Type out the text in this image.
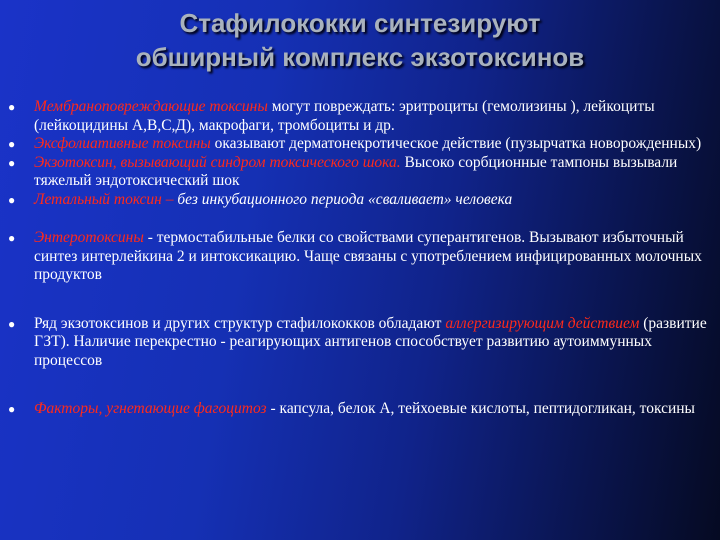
Стафилококки синтезируют
обширный комплекс экзотоксинов
● Мембраноповреждающие токсины могут повреждать: эритроциты (гемолизины ), лейкоциты (лейкоцидины А,В,С,Д), макрофаги, тромбоциты и др.
● Эксфолиативные токсины оказывают дерматонекротическое действие (пузырчатка новорожденных)
● Экзотоксин, вызывающий синдром токсического шока. Высоко сорбционные тампоны вызывали тяжелый эндотоксический шок
● Летальный токсин – без инкубационного периода «сваливает» человека
● Энтеротоксины - термостабильные белки со свойствами суперантигенов. Вызывают избыточный синтез интерлейкина 2 и интоксикацию. Чаще связаны с употреблением инфицированных молочных продуктов
● Ряд экзотоксинов и других структур стафилококков обладают аллергизирующим действием (развитие ГЗТ). Наличие перекрестно - реагирующих антигенов способствует развитию аутоиммунных процессов
● Факторы, угнетающие фагоцитоз - капсула, белок А, тейхоевые кислоты, пептидогликан, токсины
